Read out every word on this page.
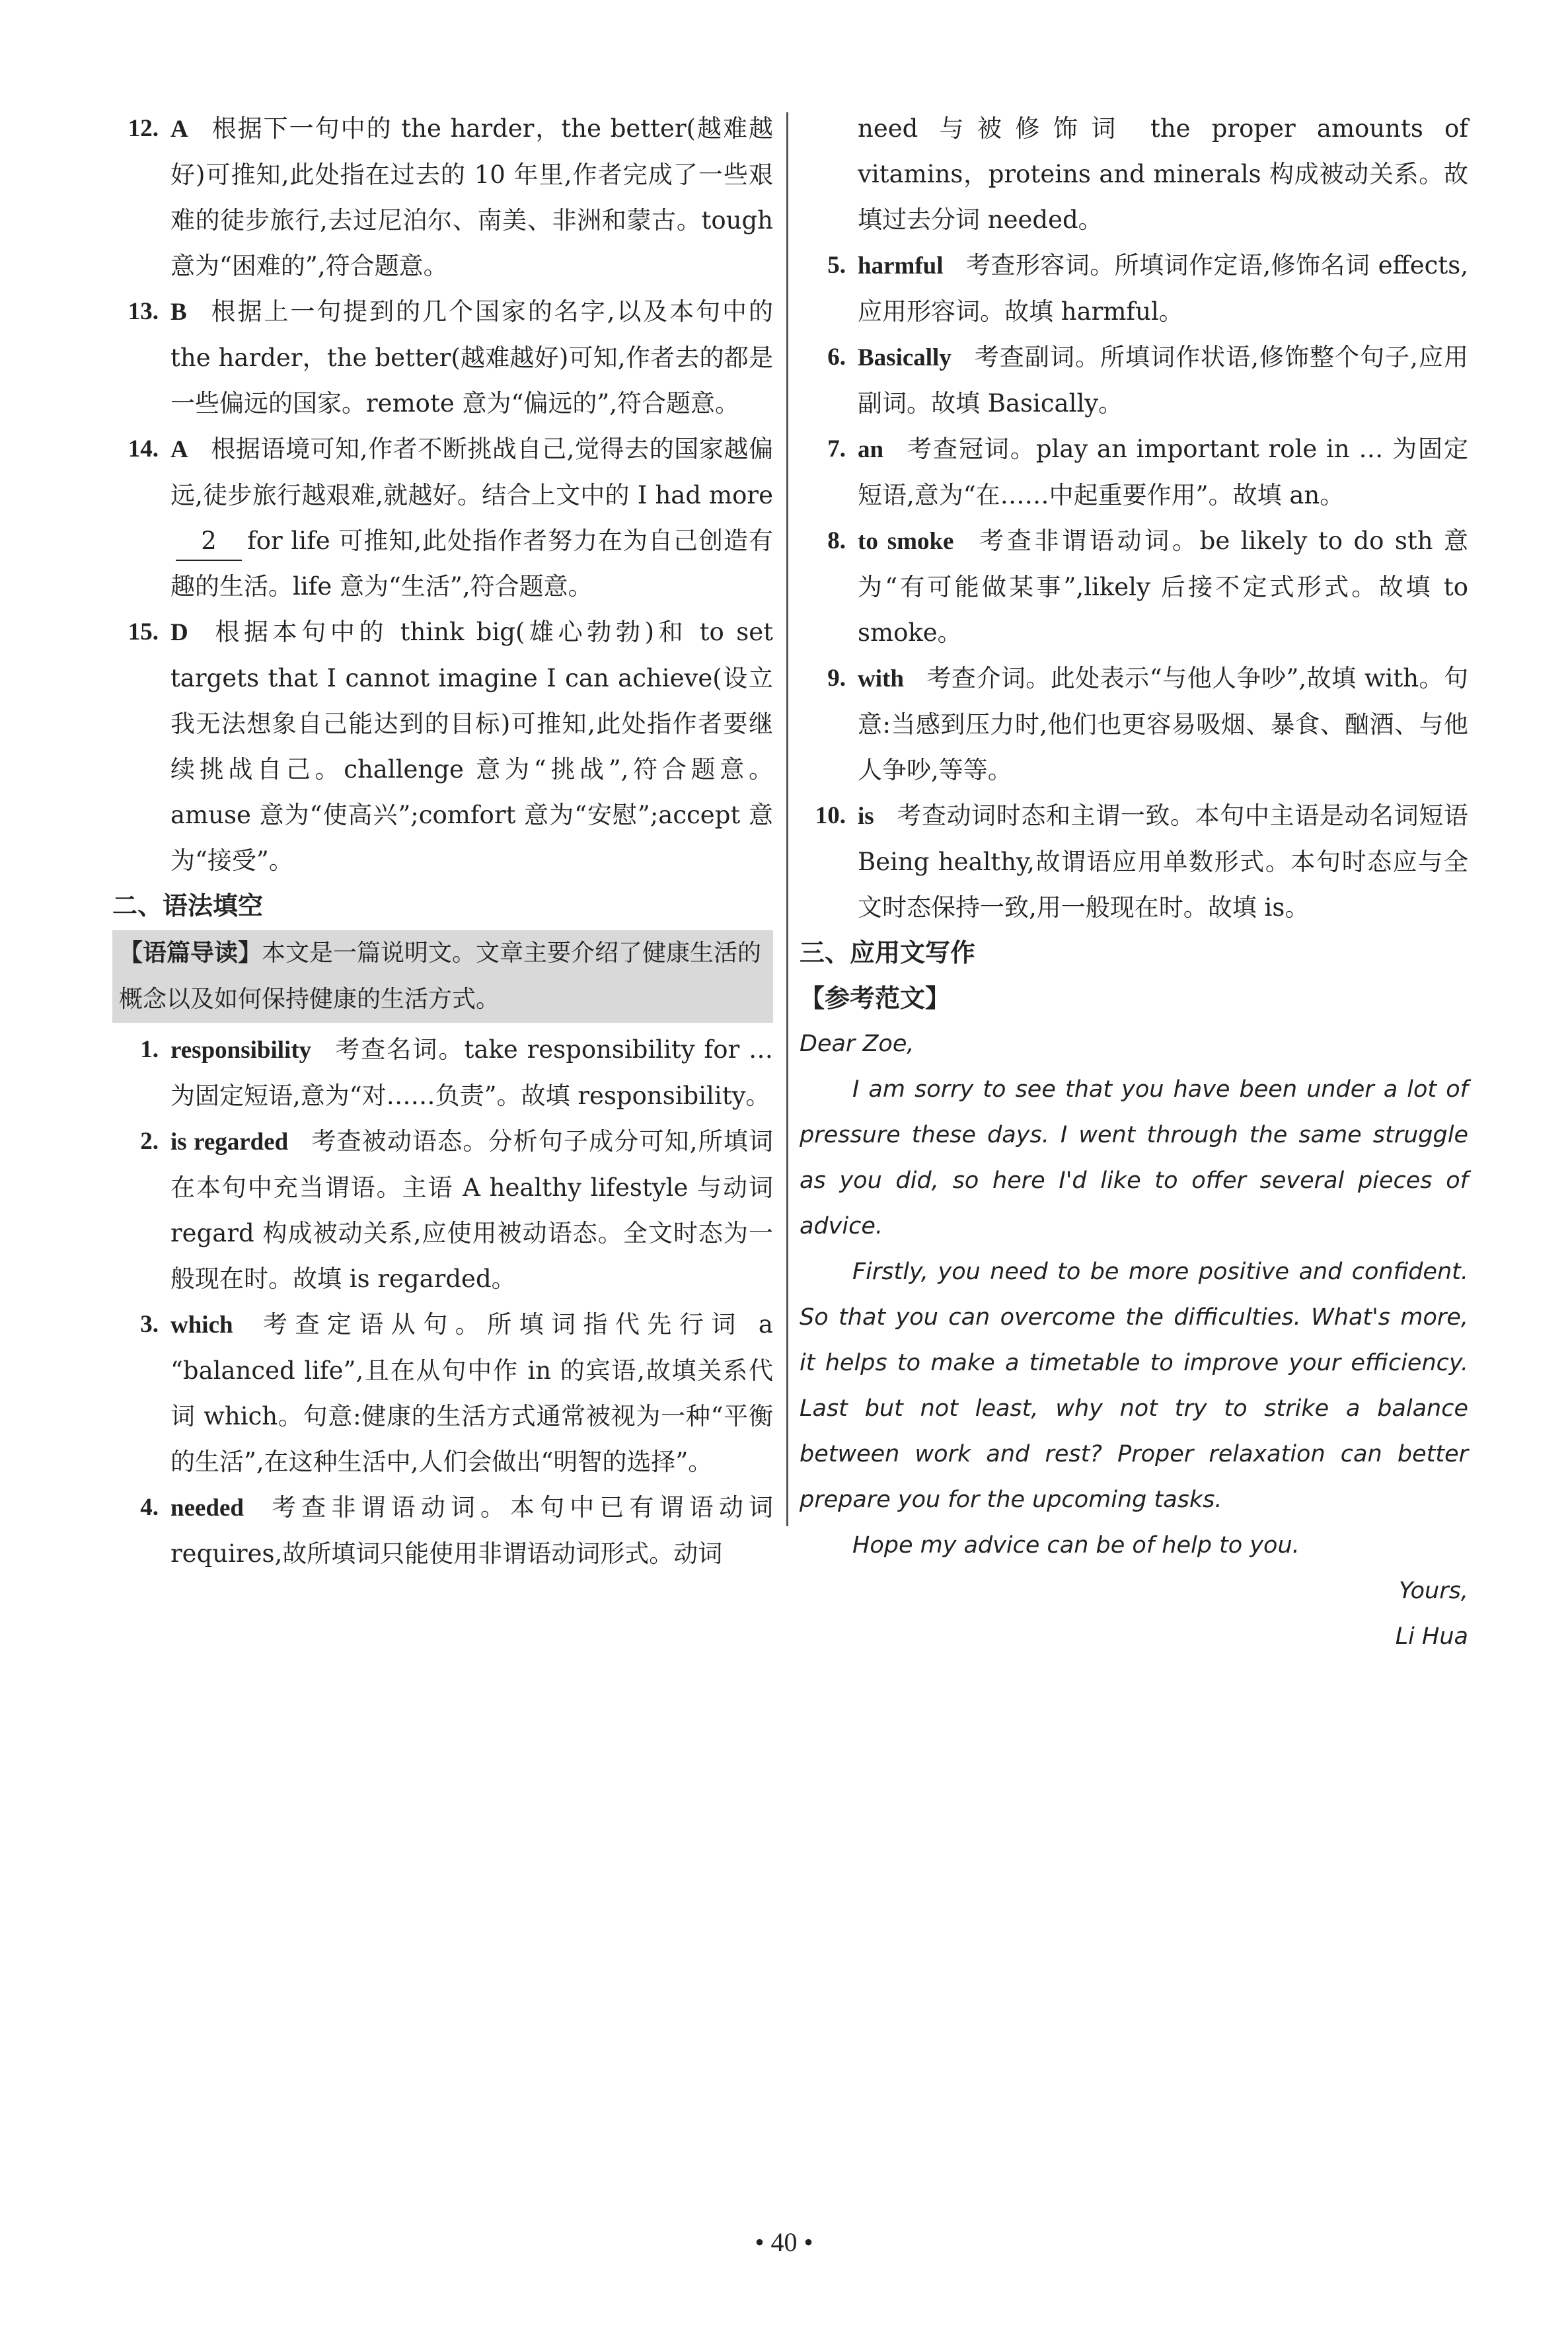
12. A 根据下一句中的 the harder，the better(越难越好)可推知,此处指在过去的 10 年里,作者完成了一些艰难的徒步旅行,去过尼泊尔、南美、非洲和蒙古。tough 意为“困难的”,符合题意。
13. B 根据上一句提到的几个国家的名字,以及本句中的 the harder，the better(越难越好)可知,作者去的都是一些偏远的国家。remote 意为“偏远的”,符合题意。
14. A 根据语境可知,作者不断挑战自己,觉得去的国家越偏远,徒步旅行越艰难,就越好。结合上文中的 I had more2 for life 可推知,此处指作者努力在为自己创造有趣的生活。life 意为“生活”,符合题意。
15. D 根据本句中的 think big(雄心勃勃)和 to set targets that I cannot imagine I can achieve(设立我无法想象自己能达到的目标)可推知,此处指作者要继续挑战自己。challenge 意为“挑战”,符合题意。amuse 意为“使高兴”;comfort 意为“安慰”;accept 意为“接受”。
二、语法填空
【语篇导读】本文是一篇说明文。文章主要介绍了健康生活的概念以及如何保持健康的生活方式。
1. responsibility 考查名词。take responsibility for … 为固定短语,意为“对……负责”。故填 responsibility。
2. is regarded 考查被动语态。分析句子成分可知,所填词在本句中充当谓语。主语 A healthy lifestyle 与动词 regard 构成被动关系,应使用被动语态。全文时态为一般现在时。故填 is regarded。
3. which 考查定语从句。所填词指代先行词 a “balanced life”,且在从句中作 in 的宾语,故填关系代词 which。句意:健康的生活方式通常被视为一种“平衡的生活”,在这种生活中,人们会做出“明智的选择”。
4. needed 考查非谓语动词。本句中已有谓语动词 requires,故所填词只能使用非谓语动词形式。动词
need 与被修饰词 the proper amounts of vitamins，proteins and minerals 构成被动关系。故填过去分词 needed。
5. harmful 考查形容词。所填词作定语,修饰名词 effects,应用形容词。故填 harmful。
6. Basically 考查副词。所填词作状语,修饰整个句子,应用副词。故填 Basically。
7. an 考查冠词。play an important role in … 为固定短语,意为“在……中起重要作用”。故填 an。
8. to smoke 考查非谓语动词。be likely to do sth 意为“有可能做某事”,likely 后接不定式形式。故填 to smoke。
9. with 考查介词。此处表示“与他人争吵”,故填 with。句意:当感到压力时,他们也更容易吸烟、暴食、酗酒、与他人争吵,等等。
10. is 考查动词时态和主谓一致。本句中主语是动名词短语 Being healthy,故谓语应用单数形式。本句时态应与全文时态保持一致,用一般现在时。故填 is。
三、应用文写作
【参考范文】

Dear Zoe,

I am sorry to see that you have been under a lot of pressure these days. I went through the same struggle as you did, so here I'd like to offer several pieces of advice.

Firstly, you need to be more positive and confident. So that you can overcome the difficulties. What's more, it helps to make a timetable to improve your efficiency. Last but not least, why not try to strike a balance between work and rest? Proper relaxation can better prepare you for the upcoming tasks.

Hope my advice can be of help to you.

Yours,

Li Hua

• 40 •
